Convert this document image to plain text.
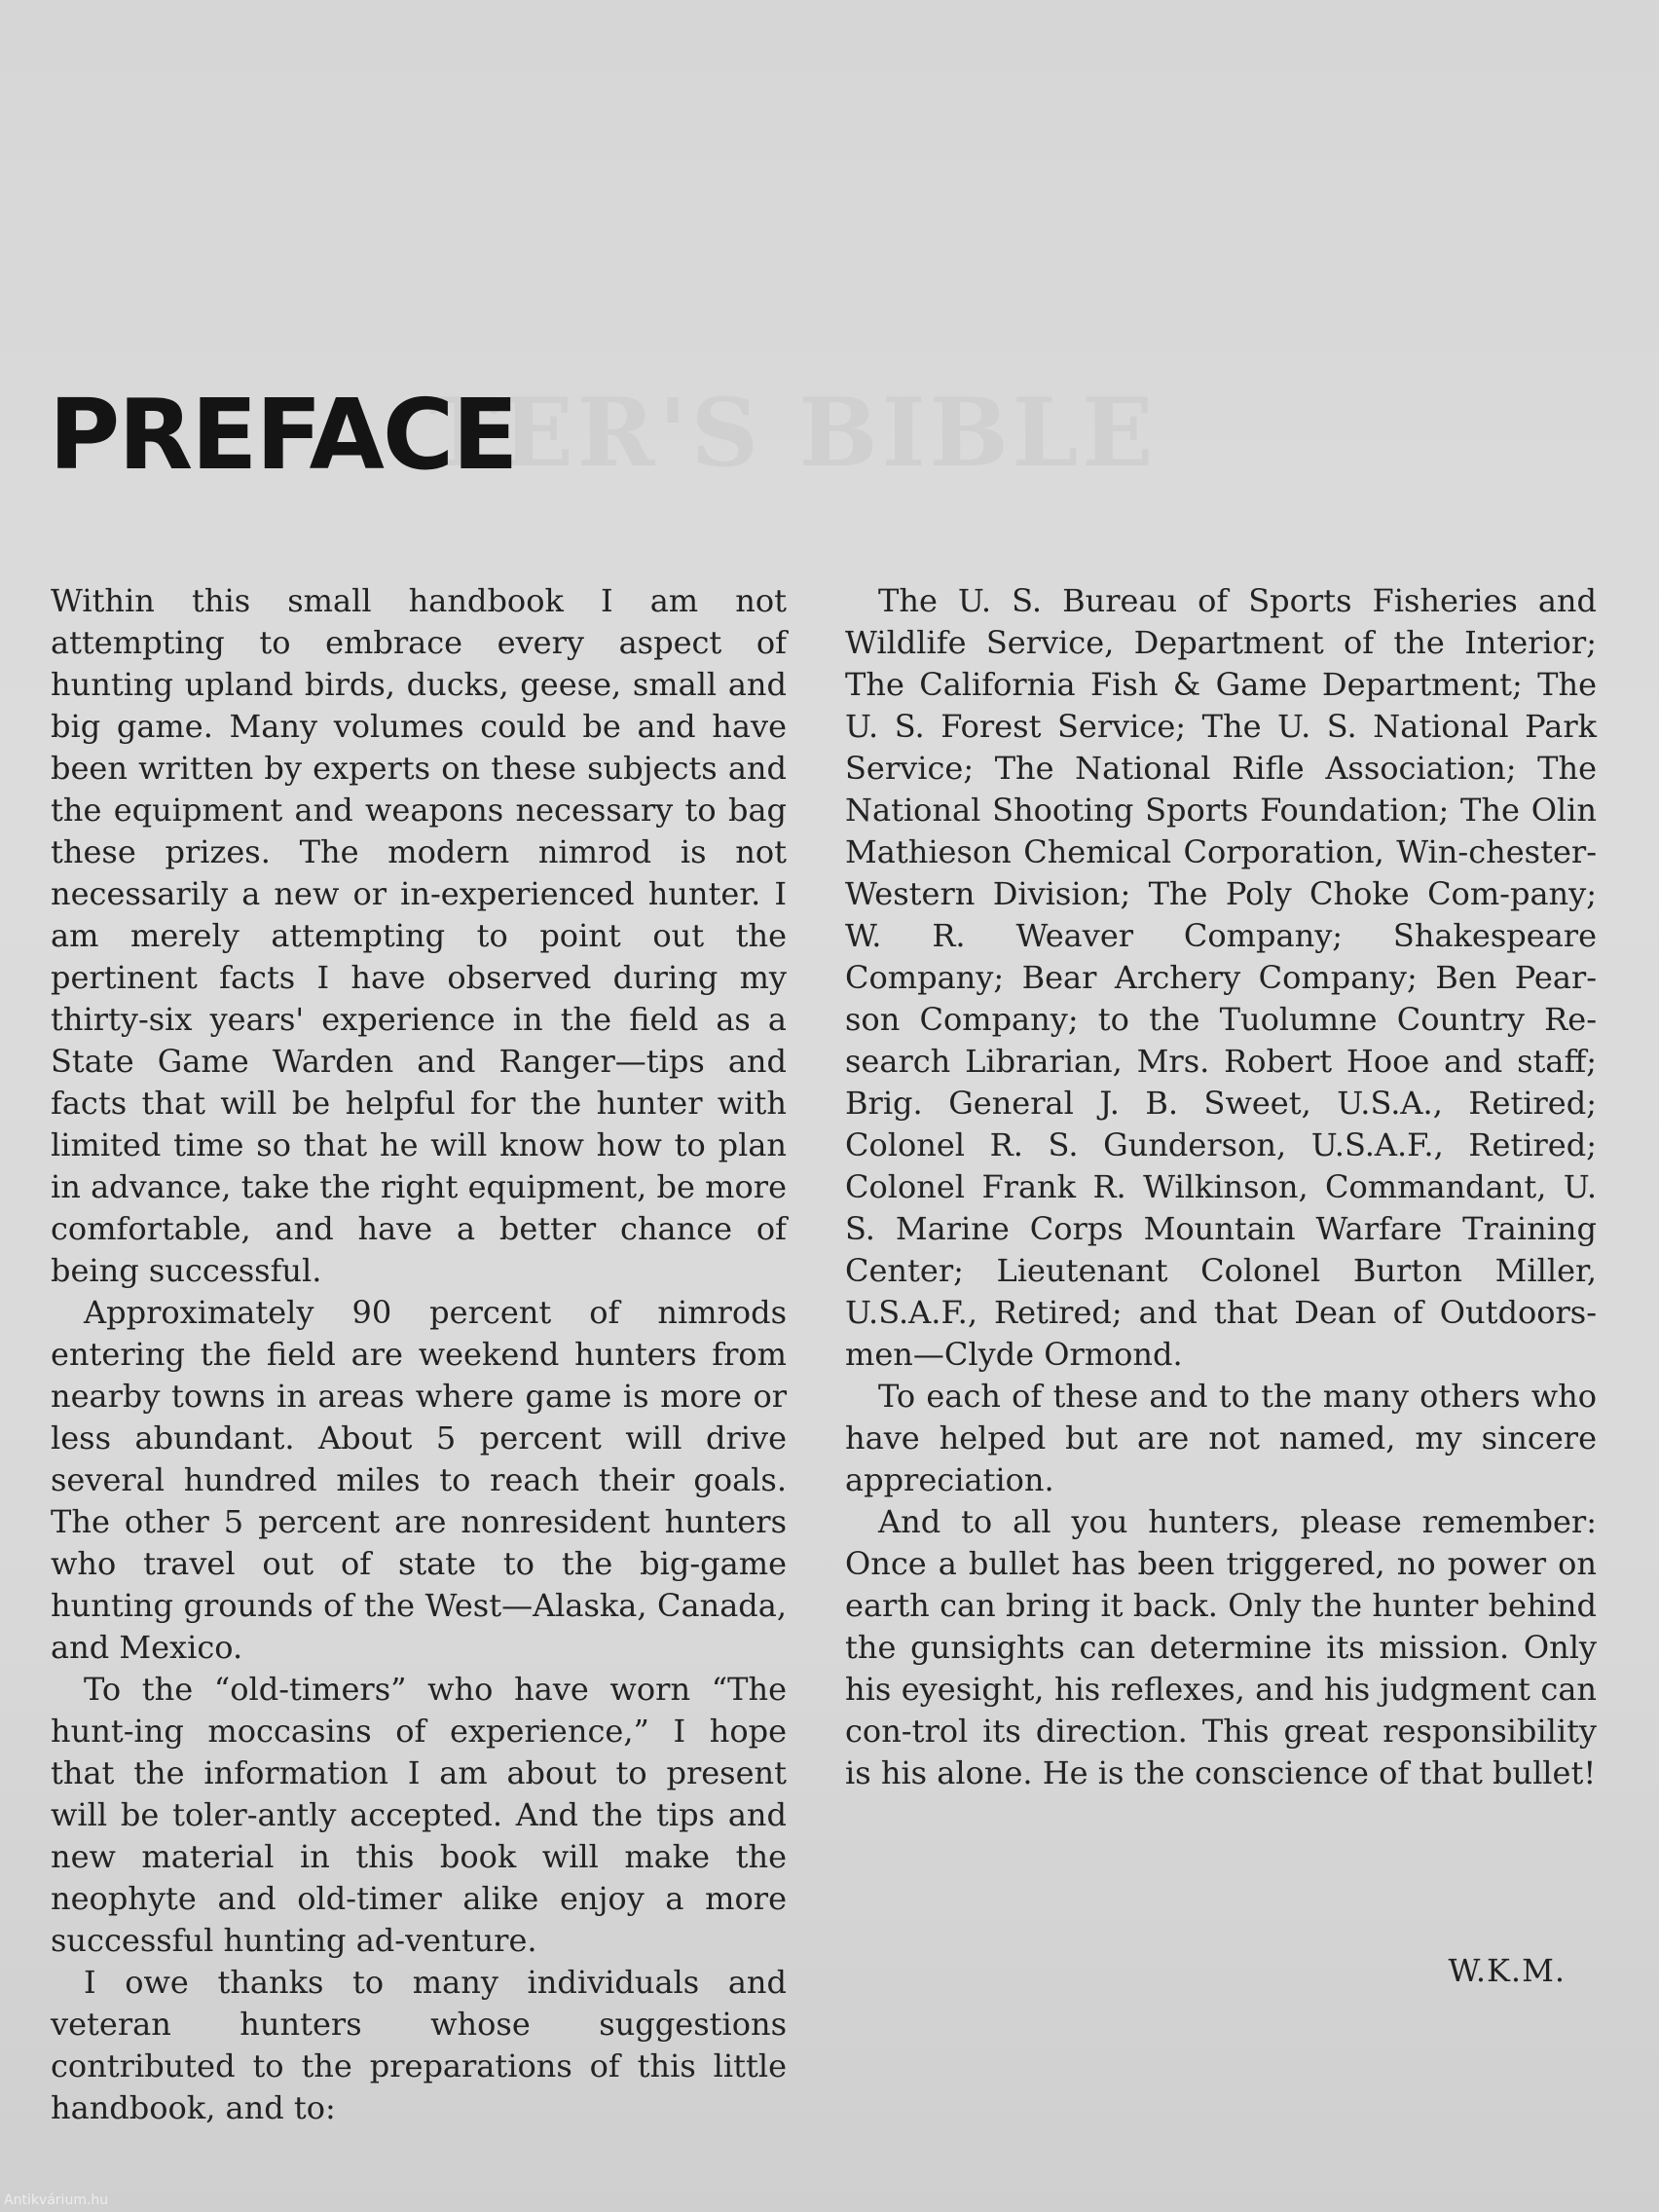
TER'S BIBLE
PREFACE

Within this small handbook I am not attempting to embrace every aspect of hunting upland birds, ducks, geese, small and big game. Many volumes could be and have been written by experts on these subjects and the equipment and weapons necessary to bag these prizes. The modern nimrod is not necessarily a new or in-experienced hunter. I am merely attempting to point out the pertinent facts I have observed during my thirty-six years' experience in the field as a State Game Warden and Ranger—tips and facts that will be helpful for the hunter with limited time so that he will know how to plan in advance, take the right equipment, be more comfortable, and have a better chance of being successful.

Approximately 90 percent of nimrods entering the field are weekend hunters from nearby towns in areas where game is more or less abundant. About 5 percent will drive several hundred miles to reach their goals. The other 5 percent are nonresident hunters who travel out of state to the big-game hunting grounds of the West—Alaska, Canada, and Mexico.

To the “old-timers” who have worn “The hunt-ing moccasins of experience,” I hope that the information I am about to present will be toler-antly accepted. And the tips and new material in this book will make the neophyte and old-timer alike enjoy a more successful hunting ad-venture.

I owe thanks to many individuals and veteran hunters whose suggestions contributed to the preparations of this little handbook, and to:

The U. S. Bureau of Sports Fisheries and Wildlife Service, Department of the Interior; The California Fish & Game Department; The U. S. Forest Service; The U. S. National Park Service; The National Rifle Association; The National Shooting Sports Foundation; The Olin Mathieson Chemical Corporation, Win-chester-Western Division; The Poly Choke Com-pany; W. R. Weaver Company; Shakespeare Company; Bear Archery Company; Ben Pear-son Company; to the Tuolumne Country Re-search Librarian, Mrs. Robert Hooe and staff; Brig. General J. B. Sweet, U.S.A., Retired; Colonel R. S. Gunderson, U.S.A.F., Retired; Colonel Frank R. Wilkinson, Commandant, U. S. Marine Corps Mountain Warfare Training Center; Lieutenant Colonel Burton Miller, U.S.A.F., Retired; and that Dean of Outdoors-men—Clyde Ormond.

To each of these and to the many others who have helped but are not named, my sincere appreciation.

And to all you hunters, please remember: Once a bullet has been triggered, no power on earth can bring it back. Only the hunter behind the gunsights can determine its mission. Only his eyesight, his reflexes, and his judgment can con-trol its direction. This great responsibility is his alone. He is the conscience of that bullet!

W.K.M.
Antikvárium.hu
